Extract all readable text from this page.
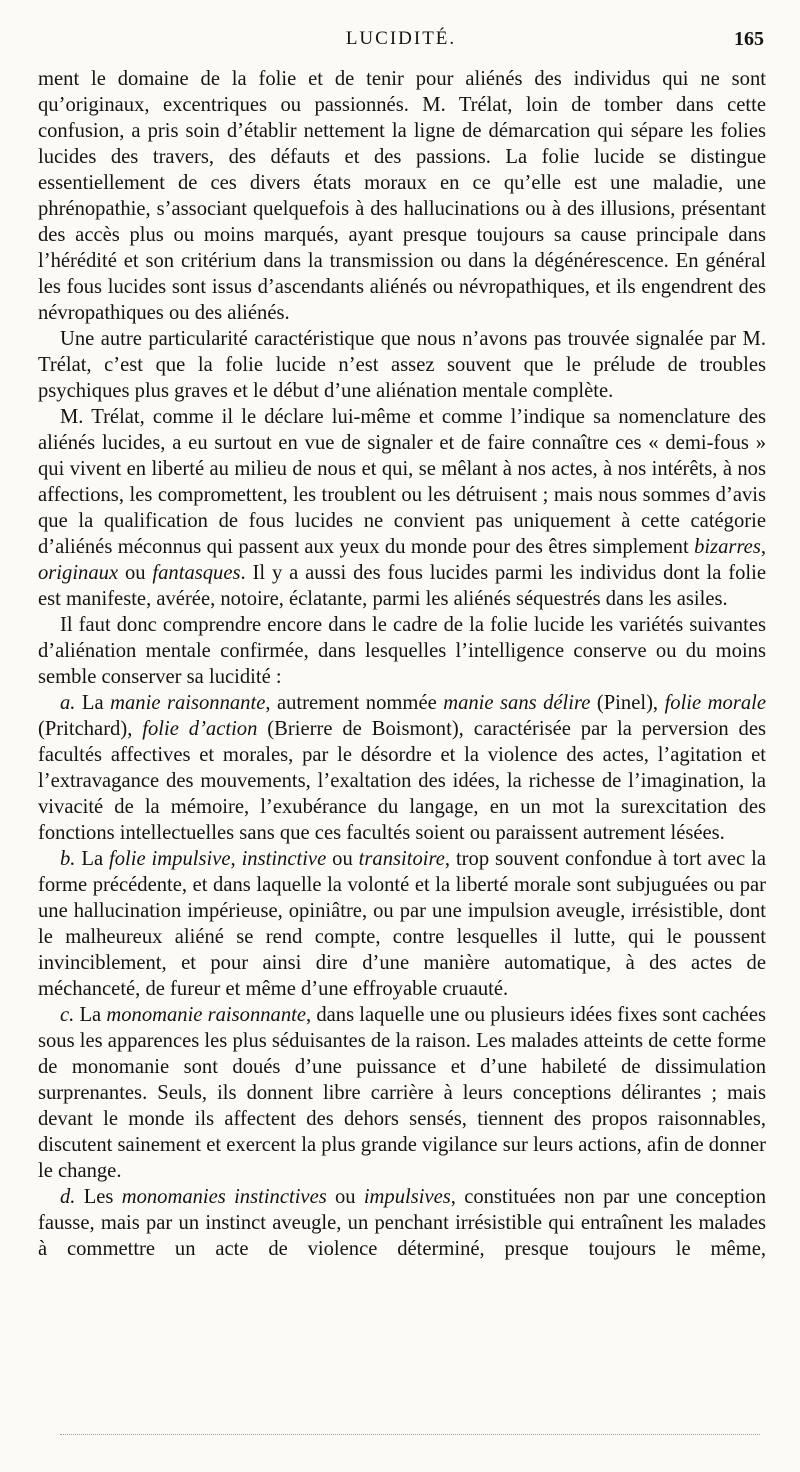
LUCIDITÉ.	165

ment le domaine de la folie et de tenir pour aliénés des individus qui ne sont qu’originaux, excentriques ou passionnés. M. Trélat, loin de tomber dans cette confusion, a pris soin d’établir nettement la ligne de démarcation qui sépare les folies lucides des travers, des défauts et des passions. La folie lucide se distingue essentiellement de ces divers états moraux en ce qu’elle est une maladie, une phrénopathie, s’associant quelquefois à des hallucinations ou à des illusions, présentant des accès plus ou moins marqués, ayant presque toujours sa cause principale dans l’hérédité et son critérium dans la transmission ou dans la dégénérescence. En général les fous lucides sont issus d’ascendants aliénés ou névropathiques, et ils engendrent des névropathiques ou des aliénés.

Une autre particularité caractéristique que nous n’avons pas trouvée signalée par M. Trélat, c’est que la folie lucide n’est assez souvent que le prélude de troubles psychiques plus graves et le début d’une aliénation mentale complète.

M. Trélat, comme il le déclare lui-même et comme l’indique sa nomenclature des aliénés lucides, a eu surtout en vue de signaler et de faire connaître ces « demi-fous » qui vivent en liberté au milieu de nous et qui, se mêlant à nos actes, à nos intérêts, à nos affections, les compromettent, les troublent ou les détruisent ; mais nous sommes d’avis que la qualification de fous lucides ne convient pas uniquement à cette catégorie d’aliénés méconnus qui passent aux yeux du monde pour des êtres simplement bizarres, originaux ou fantasques. Il y a aussi des fous lucides parmi les individus dont la folie est manifeste, avérée, notoire, éclatante, parmi les aliénés séquestrés dans les asiles.

Il faut donc comprendre encore dans le cadre de la folie lucide les variétés suivantes d’aliénation mentale confirmée, dans lesquelles l’intelligence conserve ou du moins semble conserver sa lucidité :

a. La manie raisonnante, autrement nommée manie sans délire (Pinel), folie morale (Pritchard), folie d’action (Brierre de Boismont), caractérisée par la perversion des facultés affectives et morales, par le désordre et la violence des actes, l’agitation et l’extravagance des mouvements, l’exaltation des idées, la richesse de l’imagination, la vivacité de la mémoire, l’exubérance du langage, en un mot la surexcitation des fonctions intellectuelles sans que ces facultés soient ou paraissent autrement lésées.

b. La folie impulsive, instinctive ou transitoire, trop souvent confondue à tort avec la forme précédente, et dans laquelle la volonté et la liberté morale sont subjuguées ou par une hallucination impérieuse, opiniâtre, ou par une impulsion aveugle, irrésistible, dont le malheureux aliéné se rend compte, contre lesquelles il lutte, qui le poussent invinciblement, et pour ainsi dire d’une manière automatique, à des actes de méchanceté, de fureur et même d’une effroyable cruauté.

c. La monomanie raisonnante, dans laquelle une ou plusieurs idées fixes sont cachées sous les apparences les plus séduisantes de la raison. Les malades atteints de cette forme de monomanie sont doués d’une puissance et d’une habileté de dissimulation surprenantes. Seuls, ils donnent libre carrière à leurs conceptions délirantes ; mais devant le monde ils affectent des dehors sensés, tiennent des propos raisonnables, discutent sainement et exercent la plus grande vigilance sur leurs actions, afin de donner le change.

d. Les monomanies instinctives ou impulsives, constituées non par une conception fausse, mais par un instinct aveugle, un penchant irrésistible qui entraînent les malades à commettre un acte de violence déterminé, presque toujours le même,
